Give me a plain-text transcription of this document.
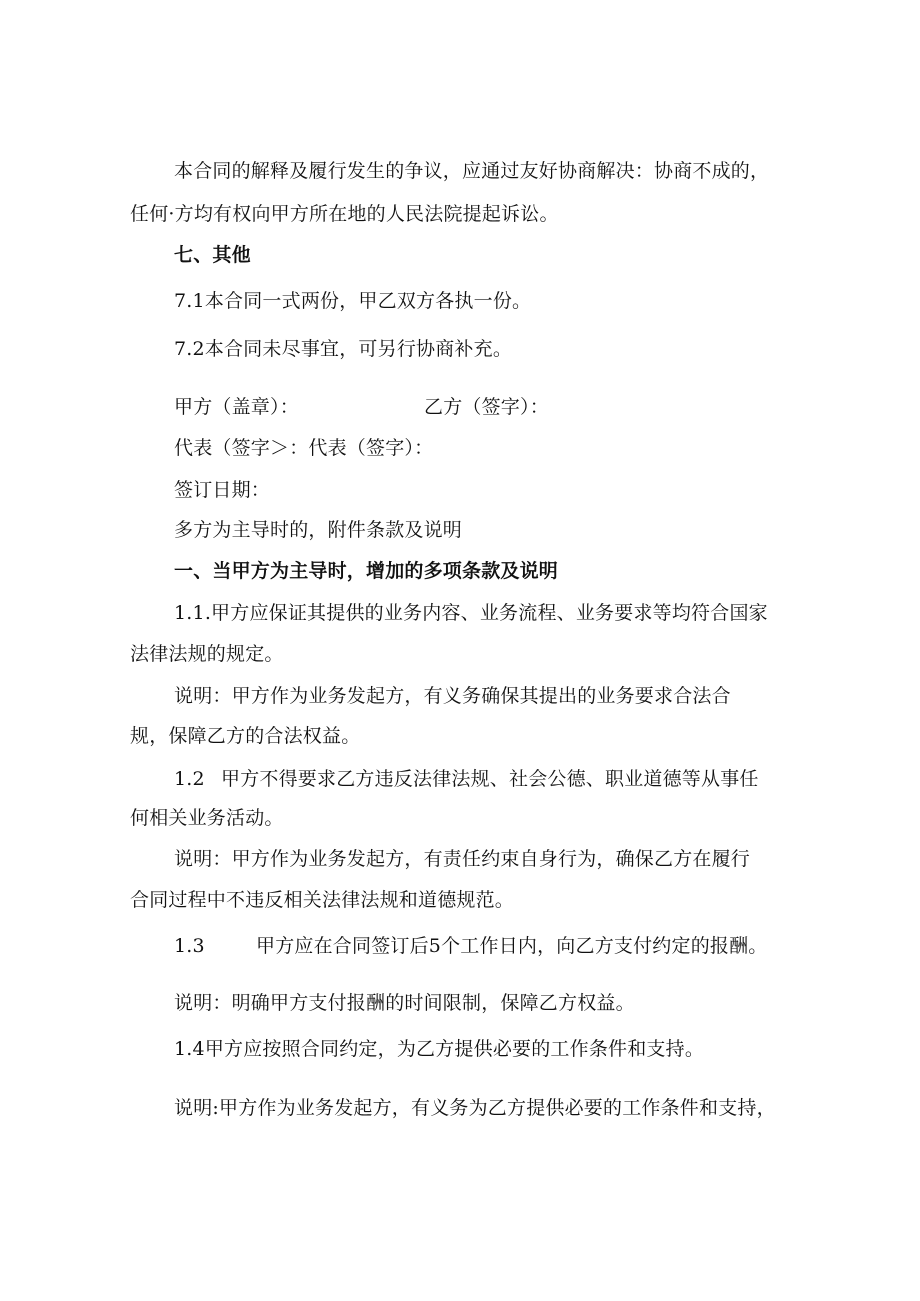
本合同的解释及履行发生的争议，应通过友好协商解决：协商不成的，
任何·方均有权向甲方所在地的人民法院提起诉讼。
七、其他
7.1本合同一式两份，甲乙双方各执一份。
7.2本合同未尽事宜，可另行协商补充。
甲方（盖章）：	乙方（签字）：
代表（签字＞：代表（签字）：
签订日期：
多方为主导时的，附件条款及说明
一、当甲方为主导时，增加的多项条款及说明
1.1.甲方应保证其提供的业务内容、业务流程、业务要求等均符合国家
法律法规的规定。
说明：甲方作为业务发起方，有义务确保其提出的业务要求合法合
规，保障乙方的合法权益。
1.2 甲方不得要求乙方违反法律法规、社会公德、职业道德等从事任
何相关业务活动。
说明：甲方作为业务发起方，有责任约束自身行为，确保乙方在履行
合同过程中不违反相关法律法规和道德规范。
1.3	甲方应在合同签订后5个工作日内，向乙方支付约定的报酬。
说明：明确甲方支付报酬的时间限制，保障乙方权益。
1.4甲方应按照合同约定，为乙方提供必要的工作条件和支持。
说明:甲方作为业务发起方，有义务为乙方提供必要的工作条件和支持，
